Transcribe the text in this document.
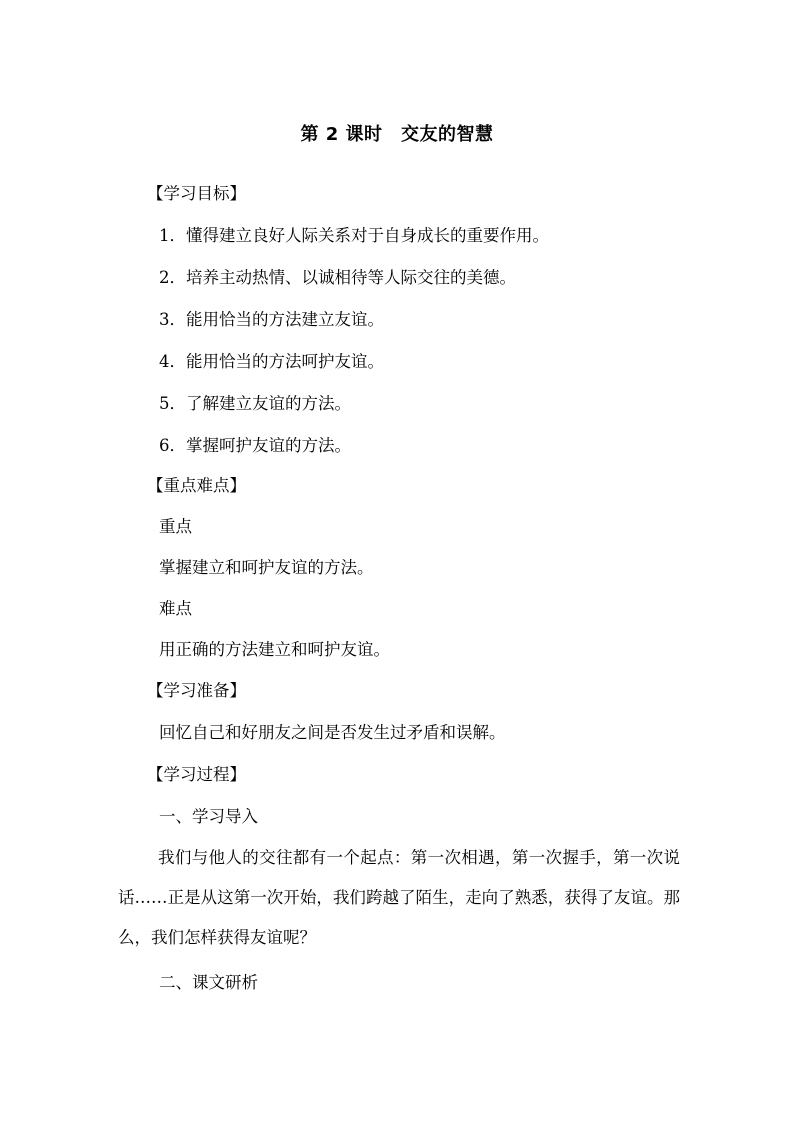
第 2 课时　交友的智慧
【学习目标】
1．懂得建立良好人际关系对于自身成长的重要作用。
2．培养主动热情、以诚相待等人际交往的美德。
3．能用恰当的方法建立友谊。
4．能用恰当的方法呵护友谊。
5．了解建立友谊的方法。
6．掌握呵护友谊的方法。
【重点难点】
重点
掌握建立和呵护友谊的方法。
难点
用正确的方法建立和呵护友谊。
【学习准备】
回忆自己和好朋友之间是否发生过矛盾和误解。
【学习过程】
一、学习导入
我们与他人的交往都有一个起点：第一次相遇，第一次握手，第一次说话……正是从这第一次开始，我们跨越了陌生，走向了熟悉，获得了友谊。那么，我们怎样获得友谊呢？
二、课文研析
